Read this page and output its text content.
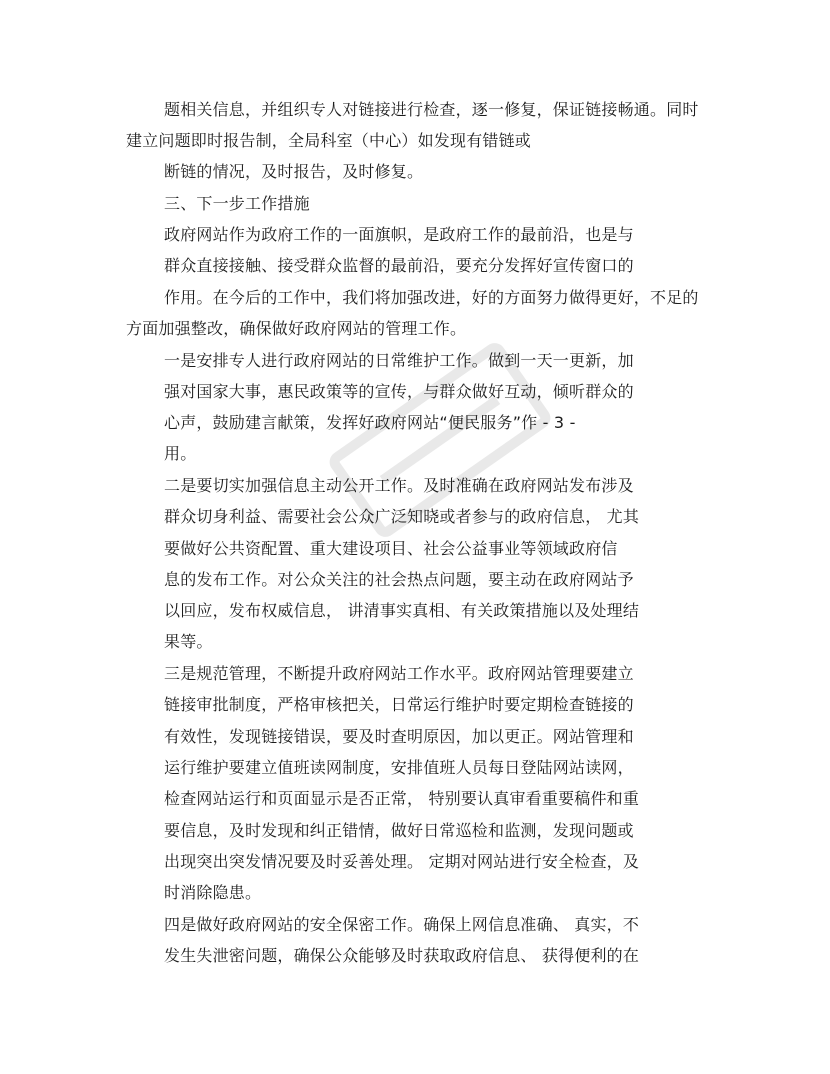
题相关信息，并组织专人对链接进行检查，逐一修复，保证链接畅通。同时
建立问题即时报告制，全局科室（中心）如发现有错链或
断链的情况，及时报告，及时修复。
三、下一步工作措施
政府网站作为政府工作的一面旗帜，是政府工作的最前沿，也是与
群众直接接触、接受群众监督的最前沿，要充分发挥好宣传窗口的
作用。在今后的工作中，我们将加强改进，好的方面努力做得更好，不足的
方面加强整改，确保做好政府网站的管理工作。
一是安排专人进行政府网站的日常维护工作。做到一天一更新，加
强对国家大事，惠民政策等的宣传，与群众做好互动，倾听群众的
心声，鼓励建言献策，发挥好政府网站“便民服务”作 - 3 -
用。
二是要切实加强信息主动公开工作。及时准确在政府网站发布涉及
群众切身利益、需要社会公众广泛知晓或者参与的政府信息， 尤其
要做好公共资配置、重大建设项目、社会公益事业等领域政府信
息的发布工作。对公众关注的社会热点问题，要主动在政府网站予
以回应，发布权威信息， 讲清事实真相、有关政策措施以及处理结
果等。
三是规范管理，不断提升政府网站工作水平。政府网站管理要建立
链接审批制度，严格审核把关，日常运行维护时要定期检查链接的
有效性，发现链接错误，要及时查明原因，加以更正。网站管理和
运行维护要建立值班读网制度，安排值班人员每日登陆网站读网，
检查网站运行和页面显示是否正常， 特别要认真审看重要稿件和重
要信息，及时发现和纠正错情，做好日常巡检和监测，发现问题或
出现突出突发情况要及时妥善处理。 定期对网站进行安全检查，及
时消除隐患。
四是做好政府网站的安全保密工作。确保上网信息准确、 真实，不
发生失泄密问题，确保公众能够及时获取政府信息、 获得便利的在
